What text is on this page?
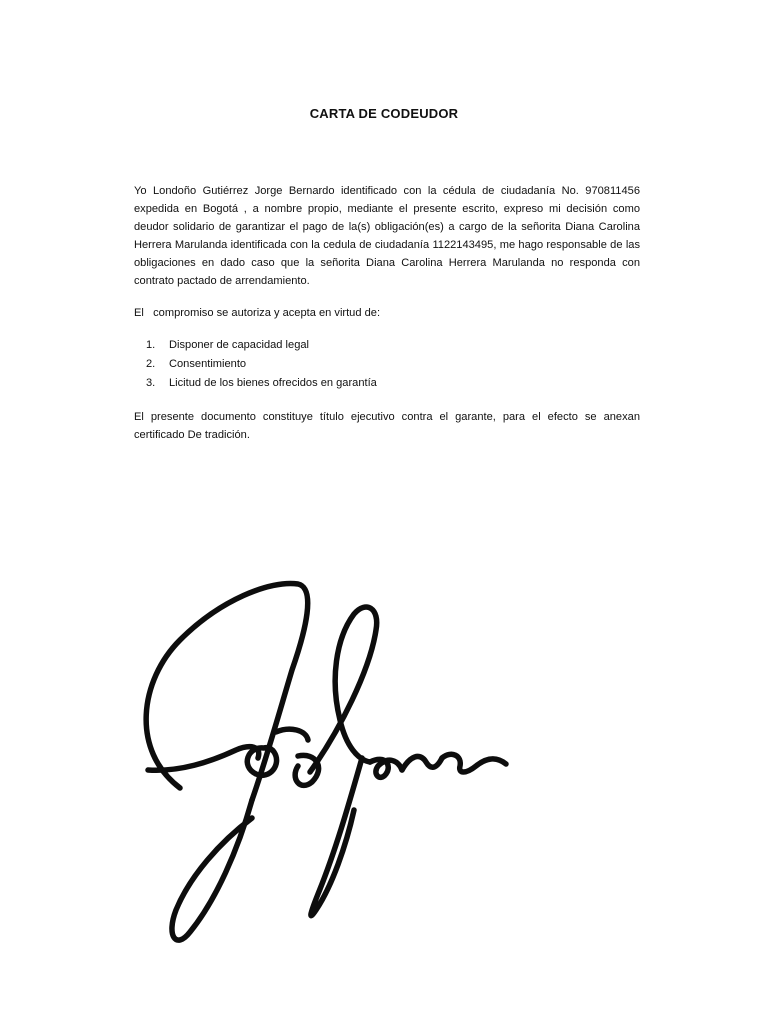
CARTA DE CODEUDOR

Yo Londoño Gutiérrez Jorge Bernardo identificado con la cédula de ciudadanía No. 970811456 expedida en Bogotá , a nombre propio, mediante el presente escrito, expreso mi decisión como deudor solidario de garantizar el pago de la(s) obligación(es) a cargo de la señorita Diana Carolina Herrera Marulanda identificada con la cedula de ciudadanía 1122143495, me hago responsable de las obligaciones en dado caso que la señorita Diana Carolina Herrera Marulanda no responda con contrato pactado de arrendamiento.

El   compromiso se autoriza y acepta en virtud de:

1.	Disponer de capacidad legal
2.	Consentimiento
3.	Licitud de los bienes ofrecidos en garantía

El presente documento constituye título ejecutivo contra el garante, para el efecto se anexan certificado De tradición.
